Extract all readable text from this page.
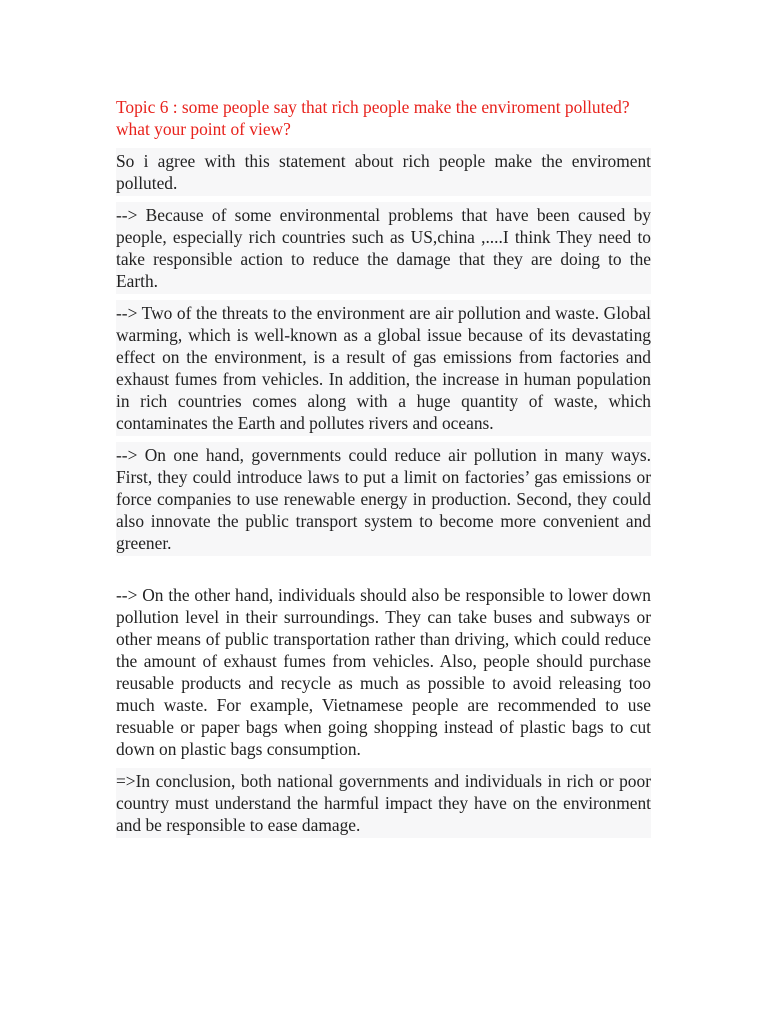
Topic 6 : some people say that rich people make the enviroment polluted?what your point of view?
So i agree with this statement about rich people make the enviroment polluted.
--> Because of some environmental problems that have been caused by people, especially rich countries such as US,china ,....I think They need to take responsible action to reduce the damage that they are doing to the Earth.
--> Two of the threats to the environment are air pollution and waste. Global warming, which is well-known as a global issue because of its devastating effect on the environment, is a result of gas emissions from factories and exhaust fumes from vehicles. In addition, the increase in human population in rich countries comes along with a huge quantity of waste, which contaminates the Earth and pollutes rivers and oceans.
--> On one hand, governments could reduce air pollution in many ways. First, they could introduce laws to put a limit on factories’ gas emissions or force companies to use renewable energy in production. Second, they could also innovate the public transport system to become more convenient and greener.
--> On the other hand, individuals should also be responsible to lower down pollution level in their surroundings. They can take buses and subways or other means of public transportation rather than driving, which could reduce the amount of exhaust fumes from vehicles. Also, people should purchase reusable products and recycle as much as possible to avoid releasing too much waste. For example, Vietnamese people are recommended to use resuable or paper bags when going shopping instead of plastic bags to cut down on plastic bags consumption.
=>In conclusion, both national governments and individuals in rich or poor country must understand the harmful impact they have on the environment and be responsible to ease damage.
